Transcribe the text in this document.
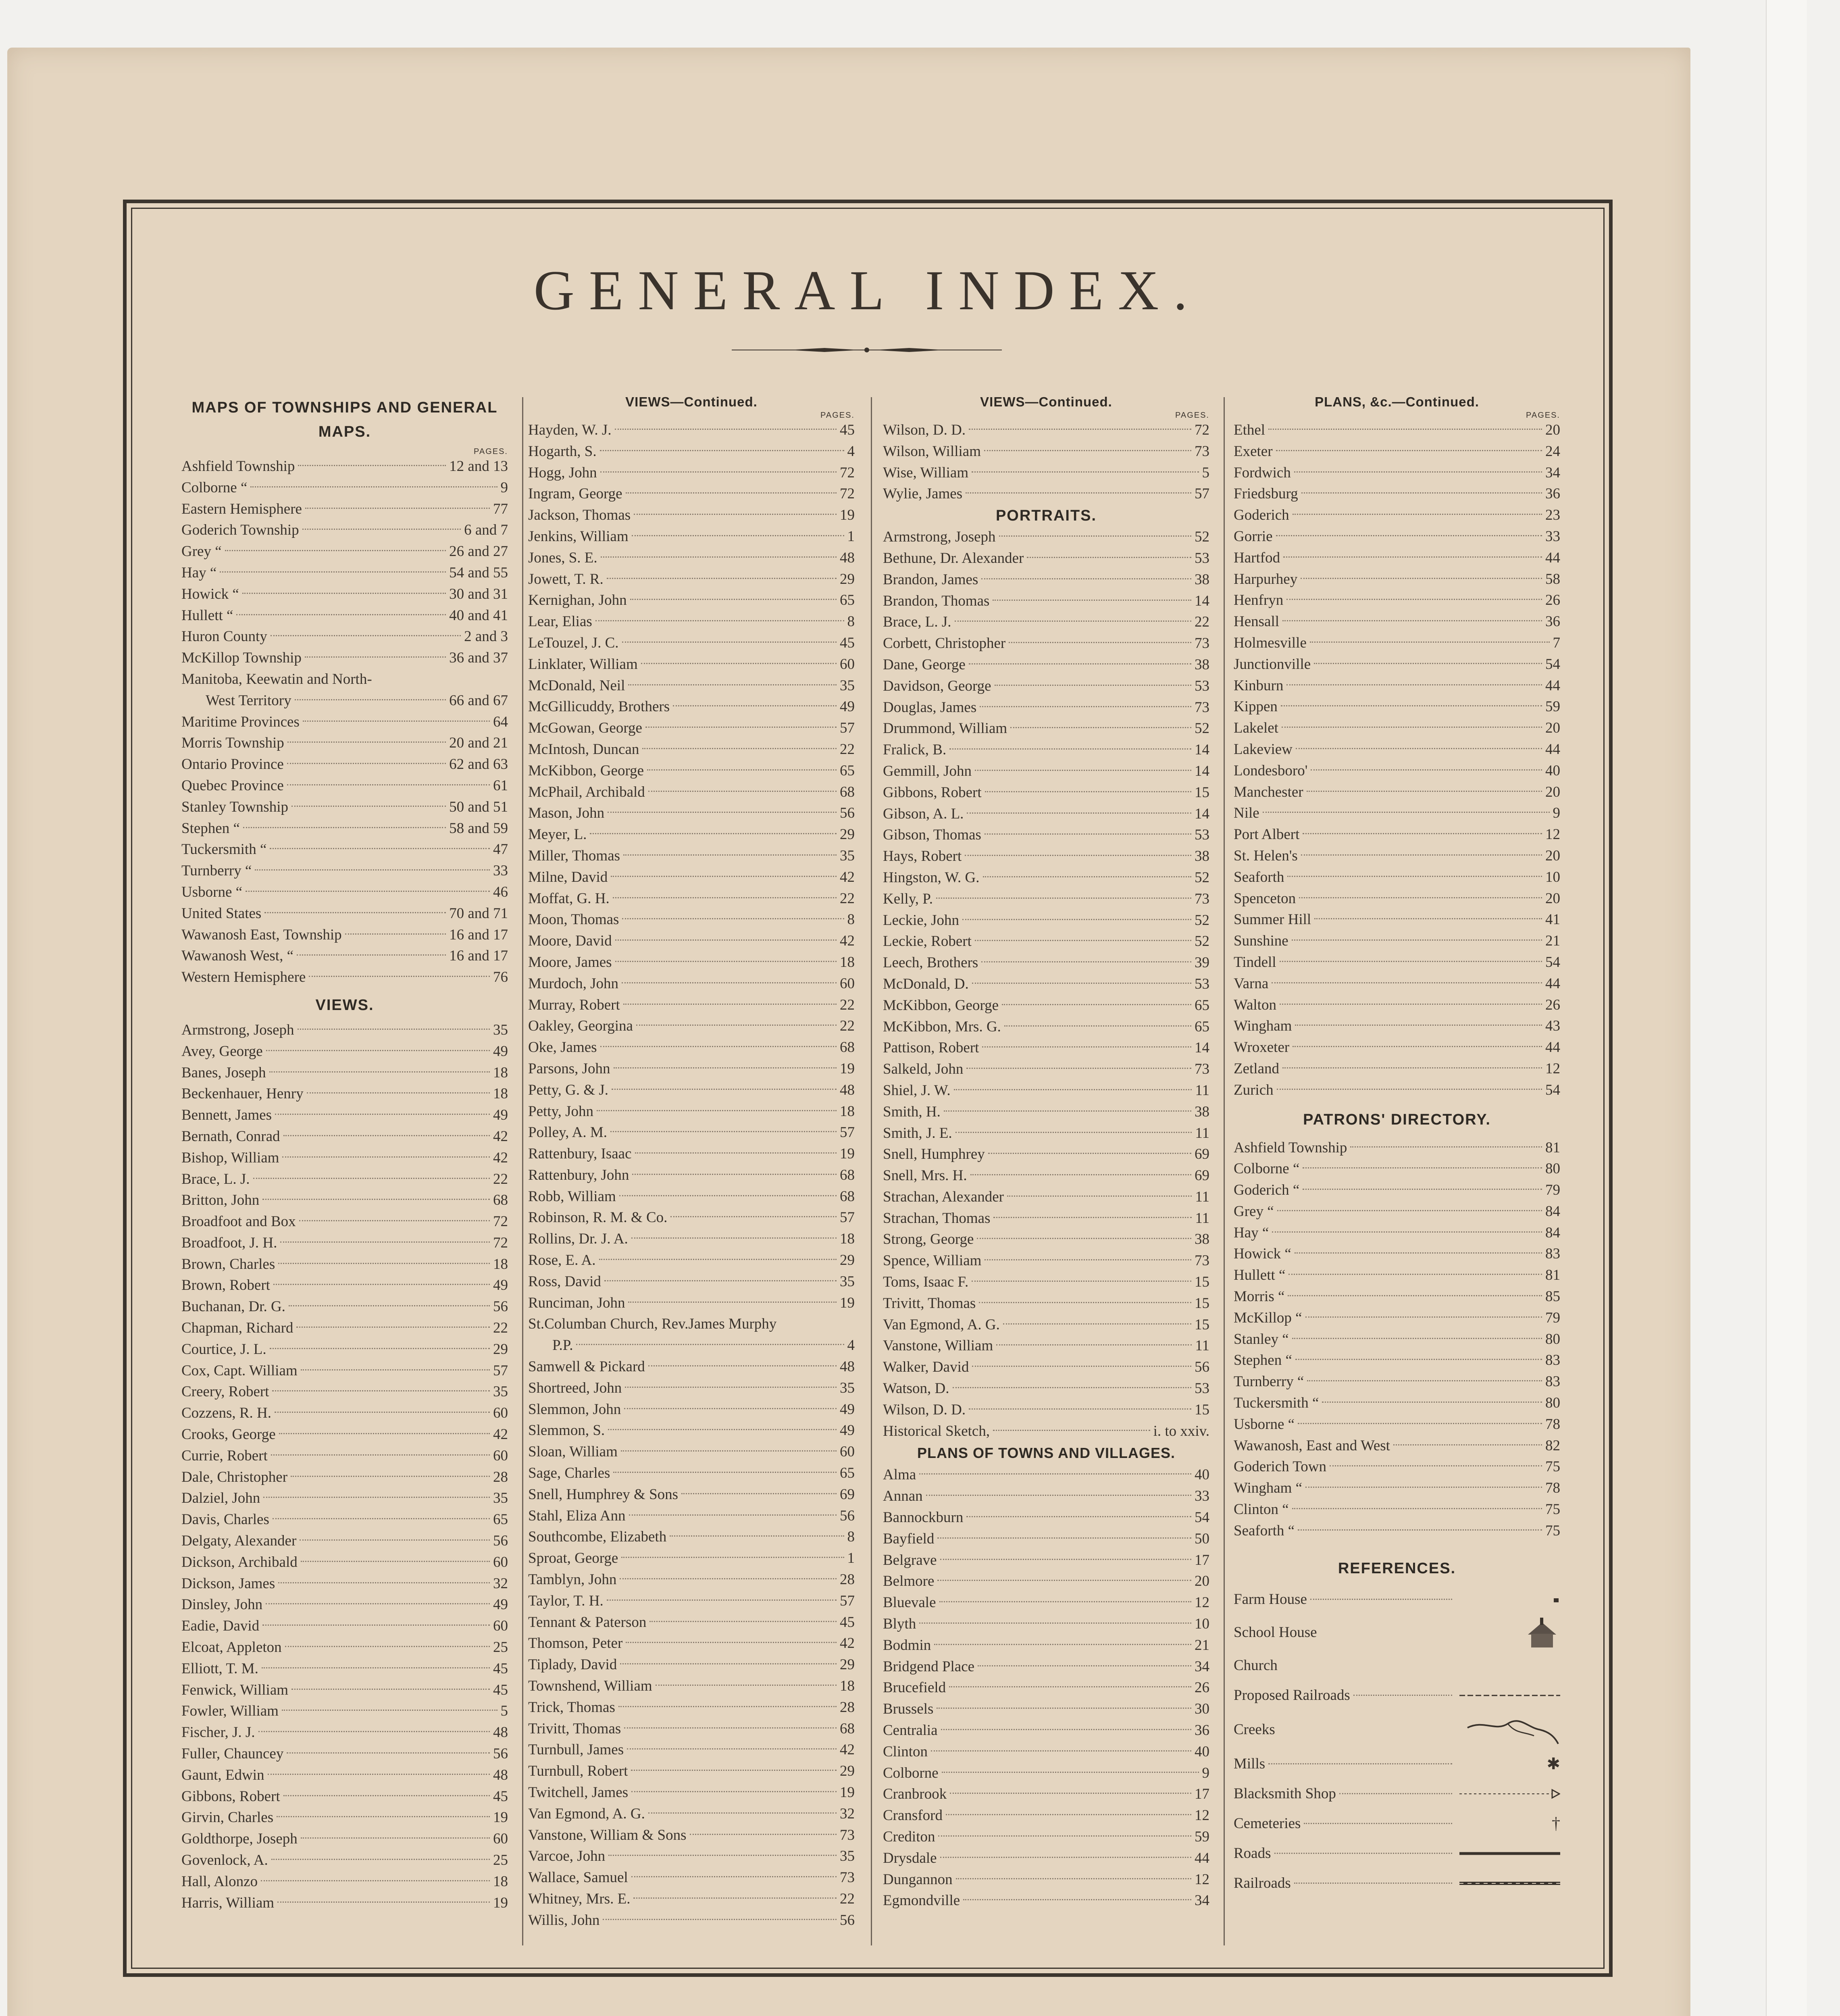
GENERAL INDEX.
MAPS OF TOWNSHIPS AND GENERAL MAPS.
PAGES.
Ashfield Township	12 and 13
Colborne “	9
Eastern Hemisphere	77
Goderich Township	6 and 7
Grey “	26 and 27
Hay “	54 and 55
Howick “	30 and 31
Hullett “	40 and 41
Huron County	2 and 3
McKillop Township	36 and 37
Manitoba, Keewatin and North-
West Territory	66 and 67
Maritime Provinces	64
Morris Township	20 and 21
Ontario Province	62 and 63
Quebec Province	61
Stanley Township	50 and 51
Stephen “	58 and 59
Tuckersmith “	47
Turnberry “	33
Usborne “	46
United States	70 and 71
Wawanosh East, Township	16 and 17
Wawanosh West, “	16 and 17
Western Hemisphere	76
VIEWS.
Armstrong, Joseph	35
Avey, George	49
Banes, Joseph	18
Beckenhauer, Henry	18
Bennett, James	49
Bernath, Conrad	42
Bishop, William	42
Brace, L. J.	22
Britton, John	68
Broadfoot and Box	72
Broadfoot, J. H.	72
Brown, Charles	18
Brown, Robert	49
Buchanan, Dr. G.	56
Chapman, Richard	22
Courtice, J. L.	29
Cox, Capt. William	57
Creery, Robert	35
Cozzens, R. H.	60
Crooks, George	42
Currie, Robert	60
Dale, Christopher	28
Dalziel, John	35
Davis, Charles	65
Delgaty, Alexander	56
Dickson, Archibald	60
Dickson, James	32
Dinsley, John	49
Eadie, David	60
Elcoat, Appleton	25
Elliott, T. M.	45
Fenwick, William	45
Fowler, William	5
Fischer, J. J.	48
Fuller, Chauncey	56
Gaunt, Edwin	48
Gibbons, Robert	45
Girvin, Charles	19
Goldthorpe, Joseph	60
Govenlock, A.	25
Hall, Alonzo	18
Harris, William	19
VIEWS—Continued.
PAGES.
Hayden, W. J.	45
Hogarth, S.	4
Hogg, John	72
Ingram, George	72
Jackson, Thomas	19
Jenkins, William	1
Jones, S. E.	48
Jowett, T. R.	29
Kernighan, John	65
Lear, Elias	8
LeTouzel, J. C.	45
Linklater, William	60
McDonald, Neil	35
McGillicuddy, Brothers	49
McGowan, George	57
McIntosh, Duncan	22
McKibbon, George	65
McPhail, Archibald	68
Mason, John	56
Meyer, L.	29
Miller, Thomas	35
Milne, David	42
Moffat, G. H.	22
Moon, Thomas	8
Moore, David	42
Moore, James	18
Murdoch, John	60
Murray, Robert	22
Oakley, Georgina	22
Oke, James	68
Parsons, John	19
Petty, G. & J.	48
Petty, John	18
Polley, A. M.	57
Rattenbury, Isaac	19
Rattenbury, John	68
Robb, William	68
Robinson, R. M. & Co.	57
Rollins, Dr. J. A.	18
Rose, E. A.	29
Ross, David	35
Runciman, John	19
St.Columban Church, Rev.James Murphy
P.P.	4
Samwell & Pickard	48
Shortreed, John	35
Slemmon, John	49
Slemmon, S.	49
Sloan, William	60
Sage, Charles	65
Snell, Humphrey & Sons	69
Stahl, Eliza Ann	56
Southcombe, Elizabeth	8
Sproat, George	1
Tamblyn, John	28
Taylor, T. H.	57
Tennant & Paterson	45
Thomson, Peter	42
Tiplady, David	29
Townshend, William	18
Trick, Thomas	28
Trivitt, Thomas	68
Turnbull, James	42
Turnbull, Robert	29
Twitchell, James	19
Van Egmond, A. G.	32
Vanstone, William & Sons	73
Varcoe, John	35
Wallace, Samuel	73
Whitney, Mrs. E.	22
Willis, John	56
VIEWS—Continued.
PAGES.
Wilson, D. D.	72
Wilson, William	73
Wise, William	5
Wylie, James	57
PORTRAITS.
Armstrong, Joseph	52
Bethune, Dr. Alexander	53
Brandon, James	38
Brandon, Thomas	14
Brace, L. J.	22
Corbett, Christopher	73
Dane, George	38
Davidson, George	53
Douglas, James	73
Drummond, William	52
Fralick, B.	14
Gemmill, John	14
Gibbons, Robert	15
Gibson, A. L.	14
Gibson, Thomas	53
Hays, Robert	38
Hingston, W. G.	52
Kelly, P.	73
Leckie, John	52
Leckie, Robert	52
Leech, Brothers	39
McDonald, D.	53
McKibbon, George	65
McKibbon, Mrs. G.	65
Pattison, Robert	14
Salkeld, John	73
Shiel, J. W.	11
Smith, H.	38
Smith, J. E.	11
Snell, Humphrey	69
Snell, Mrs. H.	69
Strachan, Alexander	11
Strachan, Thomas	11
Strong, George	38
Spence, William	73
Toms, Isaac F.	15
Trivitt, Thomas	15
Van Egmond, A. G.	15
Vanstone, William	11
Walker, David	56
Watson, D.	53
Wilson, D. D.	15
Historical Sketch,	i. to xxiv.
PLANS OF TOWNS AND VILLAGES.
Alma	40
Annan	33
Bannockburn	54
Bayfield	50
Belgrave	17
Belmore	20
Bluevale	12
Blyth	10
Bodmin	21
Bridgend Place	34
Brucefield	26
Brussels	30
Centralia	36
Clinton	40
Colborne	9
Cranbrook	17
Cransford	12
Crediton	59
Drysdale	44
Dungannon	12
Egmondville	34
PLANS, &c.—Continued.
PAGES.
Ethel	20
Exeter	24
Fordwich	34
Friedsburg	36
Goderich	23
Gorrie	33
Hartfod	44
Harpurhey	58
Henfryn	26
Hensall	36
Holmesville	7
Junctionville	54
Kinburn	44
Kippen	59
Lakelet	20
Lakeview	44
Londesboro'	40
Manchester	20
Nile	9
Port Albert	12
St. Helen's	20
Seaforth	10
Spenceton	20
Summer Hill	41
Sunshine	21
Tindell	54
Varna	44
Walton	26
Wingham	43
Wroxeter	44
Zetland	12
Zurich	54
PATRONS' DIRECTORY.
Ashfield Township	81
Colborne “	80
Goderich “	79
Grey “	84
Hay “	84
Howick “	83
Hullett “	81
Morris “	85
McKillop “	79
Stanley “	80
Stephen “	83
Turnberry “	83
Tuckersmith “	80
Usborne “	78
Wawanosh, East and West	82
Goderich Town	75
Wingham “	78
Clinton “	75
Seaforth “	75
REFERENCES.
Farm House
School House
Church
Proposed Railroads
Creeks
Mills	✱
Blacksmith Shop
Cemeteries	†
Roads
Railroads
